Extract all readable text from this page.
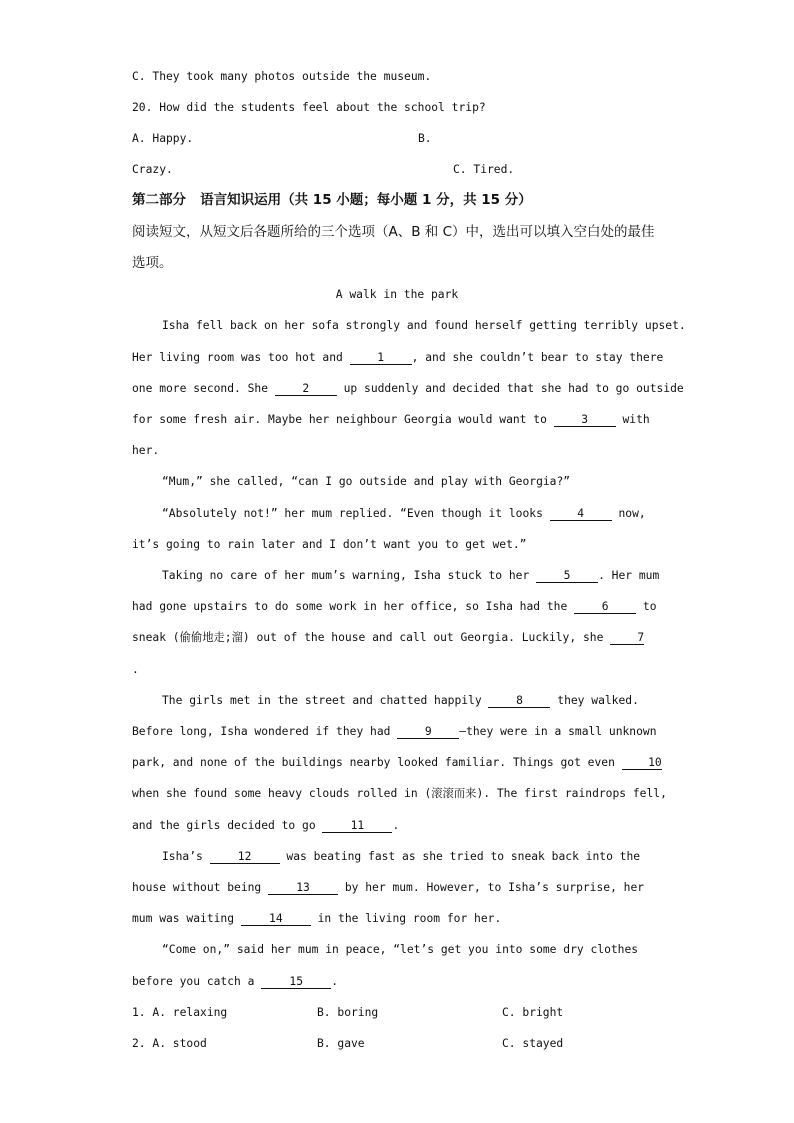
C. They took many photos outside the museum.
20. How did the students feel about the school trip?
A. Happy.	B.
Crazy.	C. Tired.
第二部分   语言知识运用（共 15 小题；每小题 1 分，共 15 分）
阅读短文，从短文后各题所给的三个选项（A、B 和 C）中，选出可以填入空白处的最佳
选项。
A walk in the park
Isha fell back on her sofa strongly and found herself getting terribly upset.
Her living room was too hot and 1 , and she couldn’t bear to stay there
one more second. She 2 up suddenly and decided that she had to go outside
for some fresh air. Maybe her neighbour Georgia would want to 3 with
her.
“Mum,” she called, “can I go outside and play with Georgia?”
“Absolutely not!” her mum replied. “Even though it looks 4 now,
it’s going to rain later and I don’t want you to get wet.”
Taking no care of her mum’s warning, Isha stuck to her 5 . Her mum
had gone upstairs to do some work in her office, so Isha had the 6 to
sneak (偷偷地走;溜) out of the house and call out Georgia. Luckily, she 7
.
The girls met in the street and chatted happily 8 they walked.
Before long, Isha wondered if they had 9 —they were in a small unknown
park, and none of the buildings nearby looked familiar. Things got even 10
when she found some heavy clouds rolled in (滚滚而来). The first raindrops fell,
and the girls decided to go 11 .
Isha’s 12 was beating fast as she tried to sneak back into the
house without being 13 by her mum. However, to Isha’s surprise, her
mum was waiting 14 in the living room for her.
“Come on,” said her mum in peace, “let’s get you into some dry clothes
before you catch a 15 .
1. A. relaxing	B. boring	C. bright
2. A. stood	B. gave	C. stayed
